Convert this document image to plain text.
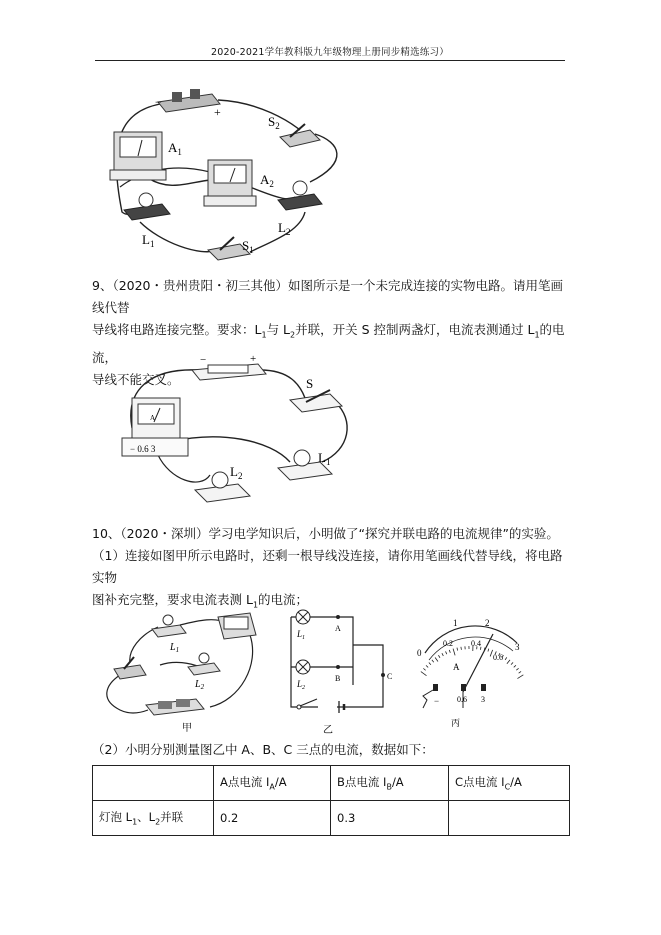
2020-2021学年教科版九年级物理上册同步精选练习）
−
+
$A_1$
$A_2$
$S_2$
$L_1$
$L_2$
$S_1$
9、（2020・贵州贵阳・初三其他）如图所示是一个未完成连接的实物电路。请用笔画线代替
导线将电路连接完整。要求：$L_1$与 $L_2$并联，开关 S 控制两盏灯，电流表测通过 $L_1$的电流，
导线不能交叉。
−	+
S
A
− 0.6 3
$L_1$
$L_2$
10、（2020・深圳）学习电学知识后，小明做了“探究并联电路的电流规律”的实验。
（1）连接如图甲所示电路时，还剩一根导线没连接，请你用笔画线代替导线，将电路实物
图补充完整，要求电流表测 $L_1$的电流；
$L_1$
$L_2$
甲
A
B	C
$L_1$
$L_2$
乙
0
1	2
3
0.2 0.4
0.6
A
− 0.6 3
丙
（2）小明分别测量图乙中 A、B、C 三点的电流，数据如下：
	A点电流 $I_A/A$	B点电流 $I_B/A$	C点电流 $I_C/A$
灯泡 $L_1$、$L_2$并联	0.2	0.3	
